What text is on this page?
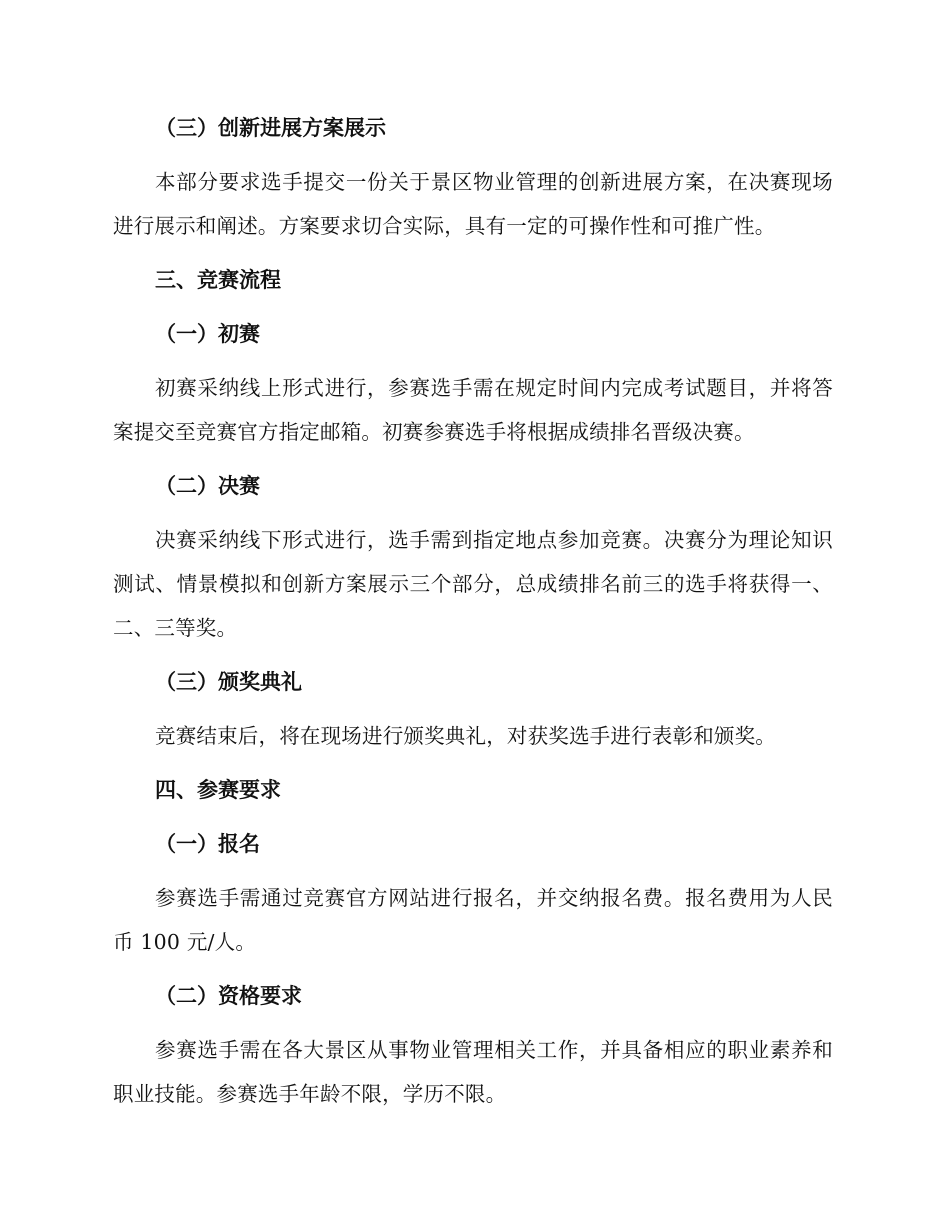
（三）创新进展方案展示

本部分要求选手提交一份关于景区物业管理的创新进展方案，在决赛现场进行展示和阐述。方案要求切合实际，具有一定的可操作性和可推广性。

三、竞赛流程

（一）初赛

初赛采纳线上形式进行，参赛选手需在规定时间内完成考试题目，并将答案提交至竞赛官方指定邮箱。初赛参赛选手将根据成绩排名晋级决赛。

（二）决赛

决赛采纳线下形式进行，选手需到指定地点参加竞赛。决赛分为理论知识测试、情景模拟和创新方案展示三个部分，总成绩排名前三的选手将获得一、二、三等奖。

（三）颁奖典礼

竞赛结束后，将在现场进行颁奖典礼，对获奖选手进行表彰和颁奖。

四、参赛要求

（一）报名

参赛选手需通过竞赛官方网站进行报名，并交纳报名费。报名费用为人民币 100 元/人。

（二）资格要求

参赛选手需在各大景区从事物业管理相关工作，并具备相应的职业素养和职业技能。参赛选手年龄不限，学历不限。
